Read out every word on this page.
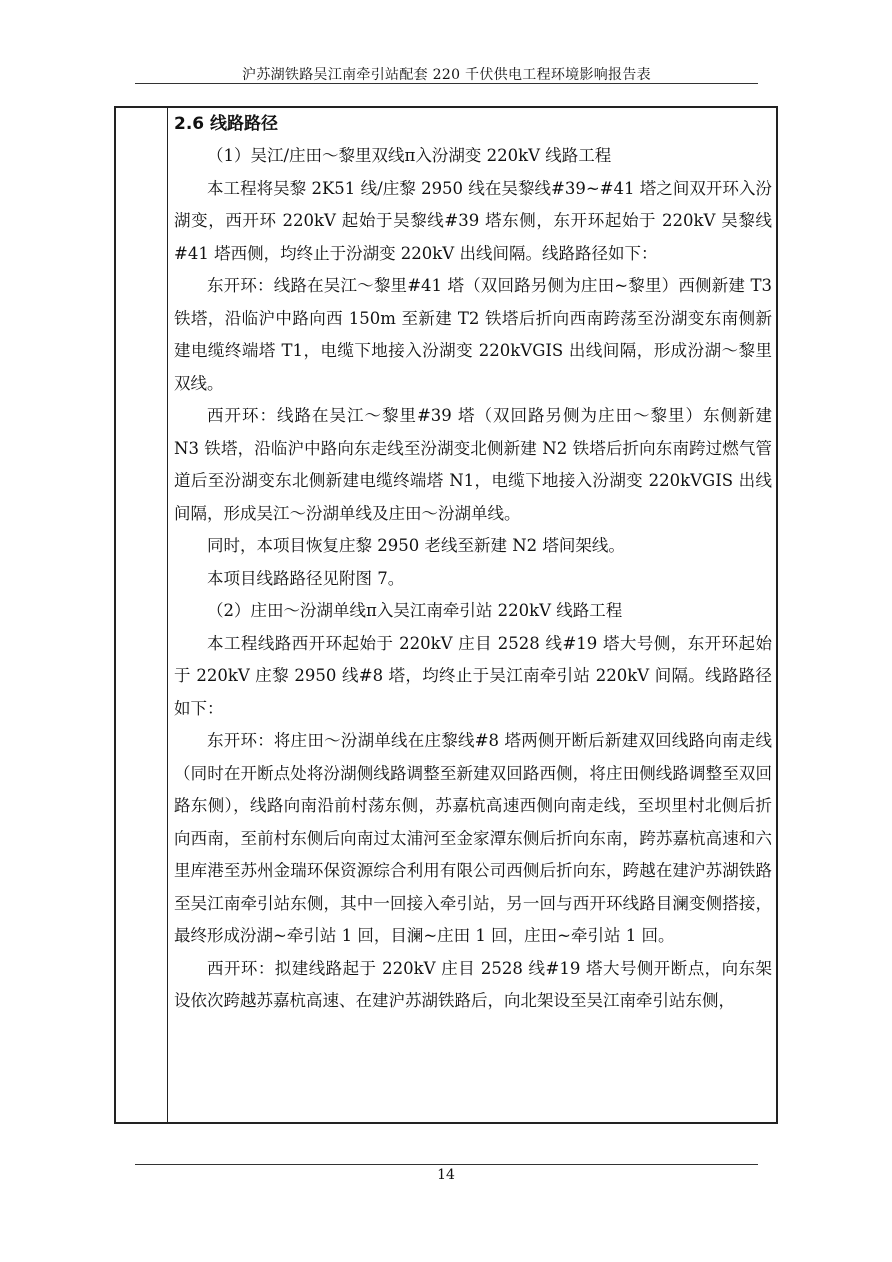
沪苏湖铁路吴江南牵引站配套 220 千伏供电工程环境影响报告表
2.6 线路路径

（1）吴江/庄田～黎里双线π入汾湖变 220kV 线路工程

本工程将吴黎 2K51 线/庄黎 2950 线在吴黎线#39~#41 塔之间双开环入汾湖变，西开环 220kV 起始于吴黎线#39 塔东侧，东开环起始于 220kV 吴黎线#41 塔西侧，均终止于汾湖变 220kV 出线间隔。线路路径如下：

东开环：线路在吴江～黎里#41 塔（双回路另侧为庄田~黎里）西侧新建 T3 铁塔，沿临沪中路向西 150m 至新建 T2 铁塔后折向西南跨荡至汾湖变东南侧新建电缆终端塔 T1，电缆下地接入汾湖变 220kVGIS 出线间隔，形成汾湖～黎里双线。

西开环：线路在吴江～黎里#39 塔（双回路另侧为庄田～黎里）东侧新建 N3 铁塔，沿临沪中路向东走线至汾湖变北侧新建 N2 铁塔后折向东南跨过燃气管道后至汾湖变东北侧新建电缆终端塔 N1，电缆下地接入汾湖变 220kVGIS 出线间隔，形成吴江～汾湖单线及庄田～汾湖单线。

同时，本项目恢复庄黎 2950 老线至新建 N2 塔间架线。

本项目线路路径见附图 7。

（2）庄田～汾湖单线π入吴江南牵引站 220kV 线路工程

本工程线路西开环起始于 220kV 庄目 2528 线#19 塔大号侧，东开环起始于 220kV 庄黎 2950 线#8 塔，均终止于吴江南牵引站 220kV 间隔。线路路径如下：

东开环：将庄田～汾湖单线在庄黎线#8 塔两侧开断后新建双回线路向南走线（同时在开断点处将汾湖侧线路调整至新建双回路西侧，将庄田侧线路调整至双回路东侧），线路向南沿前村荡东侧，苏嘉杭高速西侧向南走线，至坝里村北侧后折向西南，至前村东侧后向南过太浦河至金家潭东侧后折向东南，跨苏嘉杭高速和六里库港至苏州金瑞环保资源综合利用有限公司西侧后折向东，跨越在建沪苏湖铁路至吴江南牵引站东侧，其中一回接入牵引站，另一回与西开环线路目澜变侧搭接，最终形成汾湖~牵引站 1 回，目澜~庄田 1 回，庄田~牵引站 1 回。

西开环：拟建线路起于 220kV 庄目 2528 线#19 塔大号侧开断点，向东架设依次跨越苏嘉杭高速、在建沪苏湖铁路后，向北架设至吴江南牵引站东侧，

14
